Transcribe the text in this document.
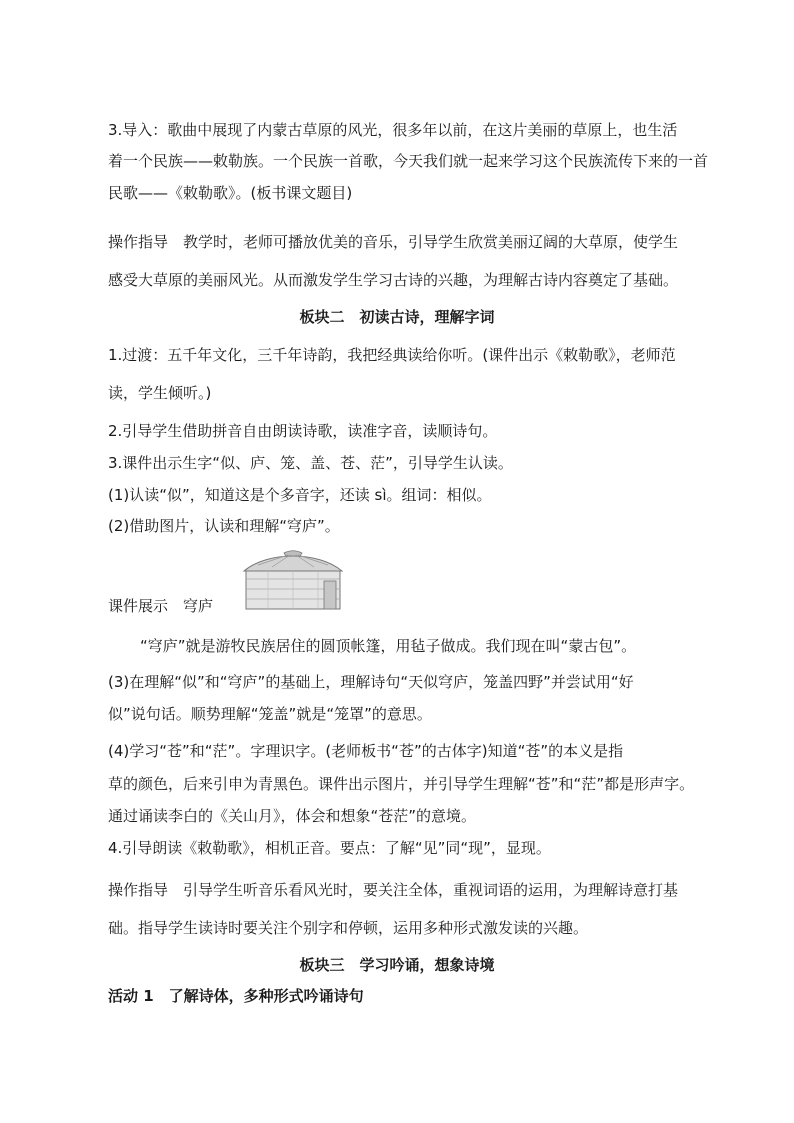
3.导入：歌曲中展现了内蒙古草原的风光，很多年以前，在这片美丽的草原上，也生活
着一个民族——敕勒族。一个民族一首歌，今天我们就一起来学习这个民族流传下来的一首
民歌——《敕勒歌》。(板书课文题目)
操作指导　教学时，老师可播放优美的音乐，引导学生欣赏美丽辽阔的大草原，使学生
感受大草原的美丽风光。从而激发学生学习古诗的兴趣，为理解古诗内容奠定了基础。
板块二　初读古诗，理解字词
1.过渡：五千年文化，三千年诗韵，我把经典读给你听。(课件出示《敕勒歌》，老师范
读，学生倾听。)
2.引导学生借助拼音自由朗读诗歌，读准字音，读顺诗句。
3.课件出示生字“似、庐、笼、盖、苍、茫”，引导学生认读。
(1)认读“似”，知道这是个多音字，还读 sì。组词：相似。
(2)借助图片，认读和理解“穹庐”。
课件展示　穹庐
“穹庐”就是游牧民族居住的圆顶帐篷，用毡子做成。我们现在叫“蒙古包”。
(3)在理解“似”和“穹庐”的基础上，理解诗句“天似穹庐，笼盖四野”并尝试用“好
似”说句话。顺势理解“笼盖”就是“笼罩”的意思。
(4)学习“苍”和“茫”。字理识字。(老师板书“苍”的古体字)知道“苍”的本义是指
草的颜色，后来引申为青黑色。课件出示图片，并引导学生理解“苍”和“茫”都是形声字。
通过诵读李白的《关山月》，体会和想象“苍茫”的意境。
4.引导朗读《敕勒歌》，相机正音。要点：了解“见”同“现”，显现。
操作指导　引导学生听音乐看风光时，要关注全体，重视词语的运用，为理解诗意打基
础。指导学生读诗时要关注个别字和停顿，运用多种形式激发读的兴趣。
板块三　学习吟诵，想象诗境
活动 1　了解诗体，多种形式吟诵诗句
